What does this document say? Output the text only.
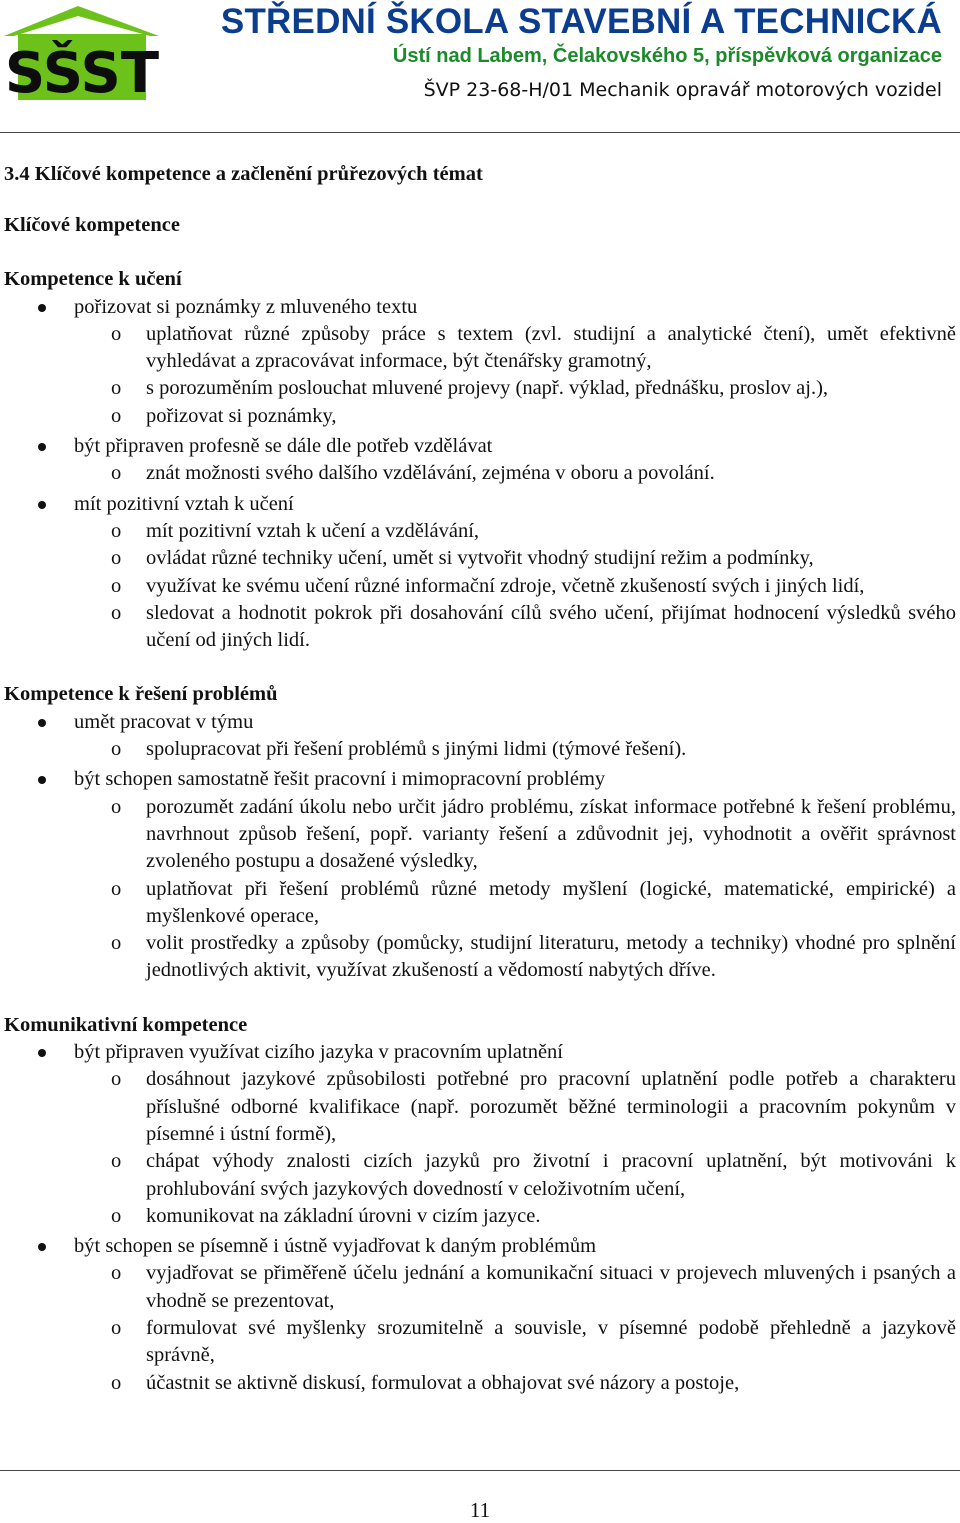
SŠST
STŘEDNÍ ŠKOLA STAVEBNÍ A TECHNICKÁ
Ústí nad Labem, Čelakovského 5, příspěvková organizace
ŠVP 23-68-H/01 Mechanik opravář motorových vozidel
3.4 Klíčové kompetence a začlenění průřezových témat
Klíčové kompetence
Kompetence k učení
pořizovat si poznámky z mluveného textu
o uplatňovat různé způsoby práce s textem (zvl. studijní a analytické čtení), umět efektivně vyhledávat a zpracovávat informace, být čtenářsky gramotný,
o s porozuměním poslouchat mluvené projevy (např. výklad, přednášku, proslov aj.),
o pořizovat si poznámky,
být připraven profesně se dále dle potřeb vzdělávat
o znát možnosti svého dalšího vzdělávání, zejména v oboru a povolání.
mít pozitivní vztah k učení
o mít pozitivní vztah k učení a vzdělávání,
o ovládat různé techniky učení, umět si vytvořit vhodný studijní režim a podmínky,
o využívat ke svému učení různé informační zdroje, včetně zkušeností svých i jiných lidí,
o sledovat a hodnotit pokrok při dosahování cílů svého učení, přijímat hodnocení výsledků svého učení od jiných lidí.
Kompetence k řešení problémů
umět pracovat v týmu
o spolupracovat při řešení problémů s jinými lidmi (týmové řešení).
být schopen samostatně řešit pracovní i mimopracovní problémy
o porozumět zadání úkolu nebo určit jádro problému, získat informace potřebné k řešení problému, navrhnout způsob řešení, popř. varianty řešení a zdůvodnit jej, vyhodnotit a ověřit správnost zvoleného postupu a dosažené výsledky,
o uplatňovat při řešení problémů různé metody myšlení (logické, matematické, empirické) a myšlenkové operace,
o volit prostředky a způsoby (pomůcky, studijní literaturu, metody a techniky) vhodné pro splnění jednotlivých aktivit, využívat zkušeností a vědomostí nabytých dříve.
Komunikativní kompetence
být připraven využívat cizího jazyka v pracovním uplatnění
o dosáhnout jazykové způsobilosti potřebné pro pracovní uplatnění podle potřeb a charakteru příslušné odborné kvalifikace (např. porozumět běžné terminologii a pracovním pokynům v písemné i ústní formě),
o chápat výhody znalosti cizích jazyků pro životní i pracovní uplatnění, být motivováni k prohlubování svých jazykových dovedností v celoživotním učení,
o komunikovat na základní úrovni v cizím jazyce.
být schopen se písemně i ústně vyjadřovat k daným problémům
o vyjadřovat se přiměřeně účelu jednání a komunikační situaci v projevech mluvených i psaných a vhodně se prezentovat,
o formulovat své myšlenky srozumitelně a souvisle, v písemné podobě přehledně a jazykově správně,
o účastnit se aktivně diskusí, formulovat a obhajovat své názory a postoje,
11
